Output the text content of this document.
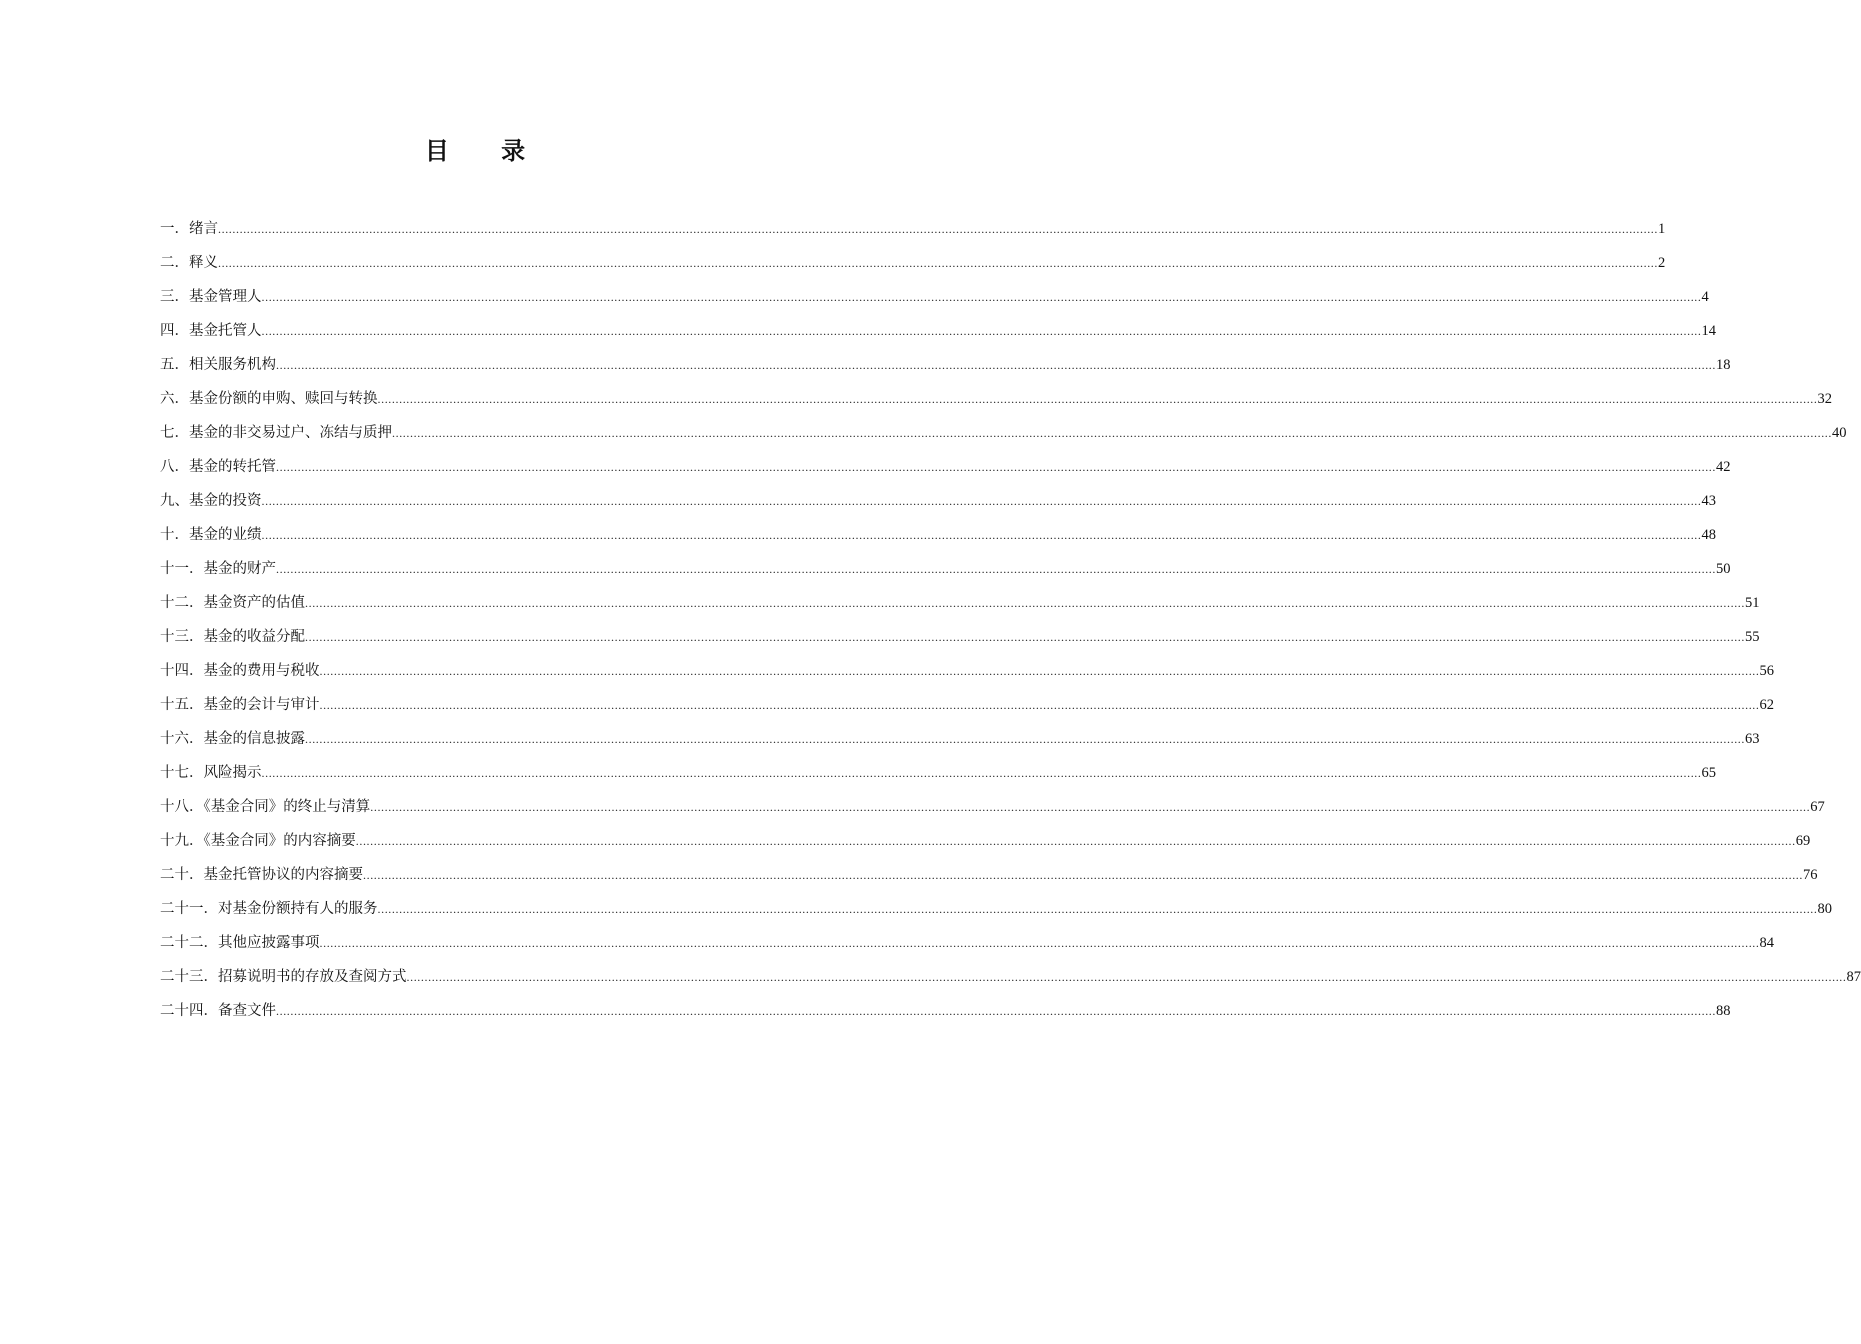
目 录
一．绪言 ................................................................................................................................................................................................................................................................................................................................................................................................................ 1
二．释义 ................................................................................................................................................................................................................................................................................................................................................................................................................ 2
三．基金管理人 ................................................................................................................................................................................................................................................................................................................................................................................................................ 4
四．基金托管人 ................................................................................................................................................................................................................................................................................................................................................................................................................ 14
五．相关服务机构 ................................................................................................................................................................................................................................................................................................................................................................................................................ 18
六．基金份额的申购、赎回与转换 ................................................................................................................................................................................................................................................................................................................................................................................................................ 32
七．基金的非交易过户、冻结与质押 ................................................................................................................................................................................................................................................................................................................................................................................................................ 40
八．基金的转托管 ................................................................................................................................................................................................................................................................................................................................................................................................................ 42
九、基金的投资 ................................................................................................................................................................................................................................................................................................................................................................................................................ 43
十．基金的业绩 ................................................................................................................................................................................................................................................................................................................................................................................................................ 48
十一．基金的财产 ................................................................................................................................................................................................................................................................................................................................................................................................................ 50
十二．基金资产的估值 ................................................................................................................................................................................................................................................................................................................................................................................................................ 51
十三．基金的收益分配 ................................................................................................................................................................................................................................................................................................................................................................................................................ 55
十四．基金的费用与税收 ................................................................................................................................................................................................................................................................................................................................................................................................................ 56
十五．基金的会计与审计 ................................................................................................................................................................................................................................................................................................................................................................................................................ 62
十六．基金的信息披露 ................................................................................................................................................................................................................................................................................................................................................................................................................ 63
十七．风险揭示 ................................................................................................................................................................................................................................................................................................................................................................................................................ 65
十八．《基金合同》的终止与清算 ................................................................................................................................................................................................................................................................................................................................................................................................................ 67
十九．《基金合同》的内容摘要 ................................................................................................................................................................................................................................................................................................................................................................................................................ 69
二十．基金托管协议的内容摘要 ................................................................................................................................................................................................................................................................................................................................................................................................................ 76
二十一．对基金份额持有人的服务 ................................................................................................................................................................................................................................................................................................................................................................................................................ 80
二十二．其他应披露事项 ................................................................................................................................................................................................................................................................................................................................................................................................................ 84
二十三．招募说明书的存放及查阅方式 ................................................................................................................................................................................................................................................................................................................................................................................................................ 87
二十四．备查文件 ................................................................................................................................................................................................................................................................................................................................................................................................................ 88
